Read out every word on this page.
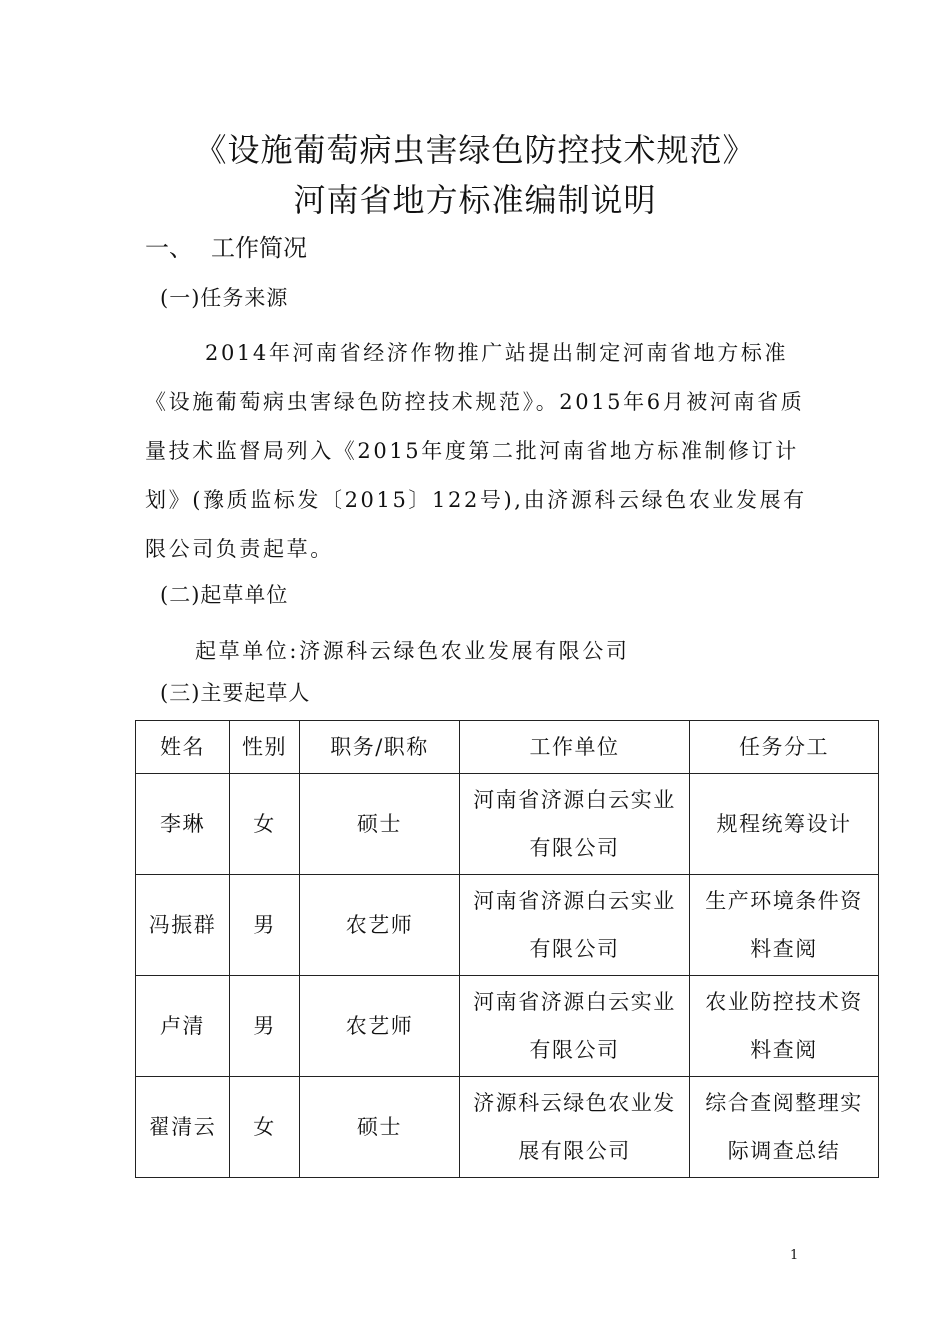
《设施葡萄病虫害绿色防控技术规范》
河南省地方标准编制说明
一、 工作简况
(一)任务来源

2014年河南省经济作物推广站提出制定河南省地方标准《设施葡萄病虫害绿色防控技术规范》。2015年6月被河南省质量技术监督局列入《2015年度第二批河南省地方标准制修订计划》(豫质监标发〔2015〕122号),由济源科云绿色农业发展有限公司负责起草。

(二)起草单位

起草单位:济源科云绿色农业发展有限公司

(三)主要起草人
姓名	性别	职务/职称	工作单位	任务分工
李琳	女	硕士	河南省济源白云实业有限公司	规程统筹设计
冯振群	男	农艺师	河南省济源白云实业有限公司	生产环境条件资料查阅
卢清	男	农艺师	河南省济源白云实业有限公司	农业防控技术资料查阅
翟清云	女	硕士	济源科云绿色农业发展有限公司	综合查阅整理实际调查总结
1
